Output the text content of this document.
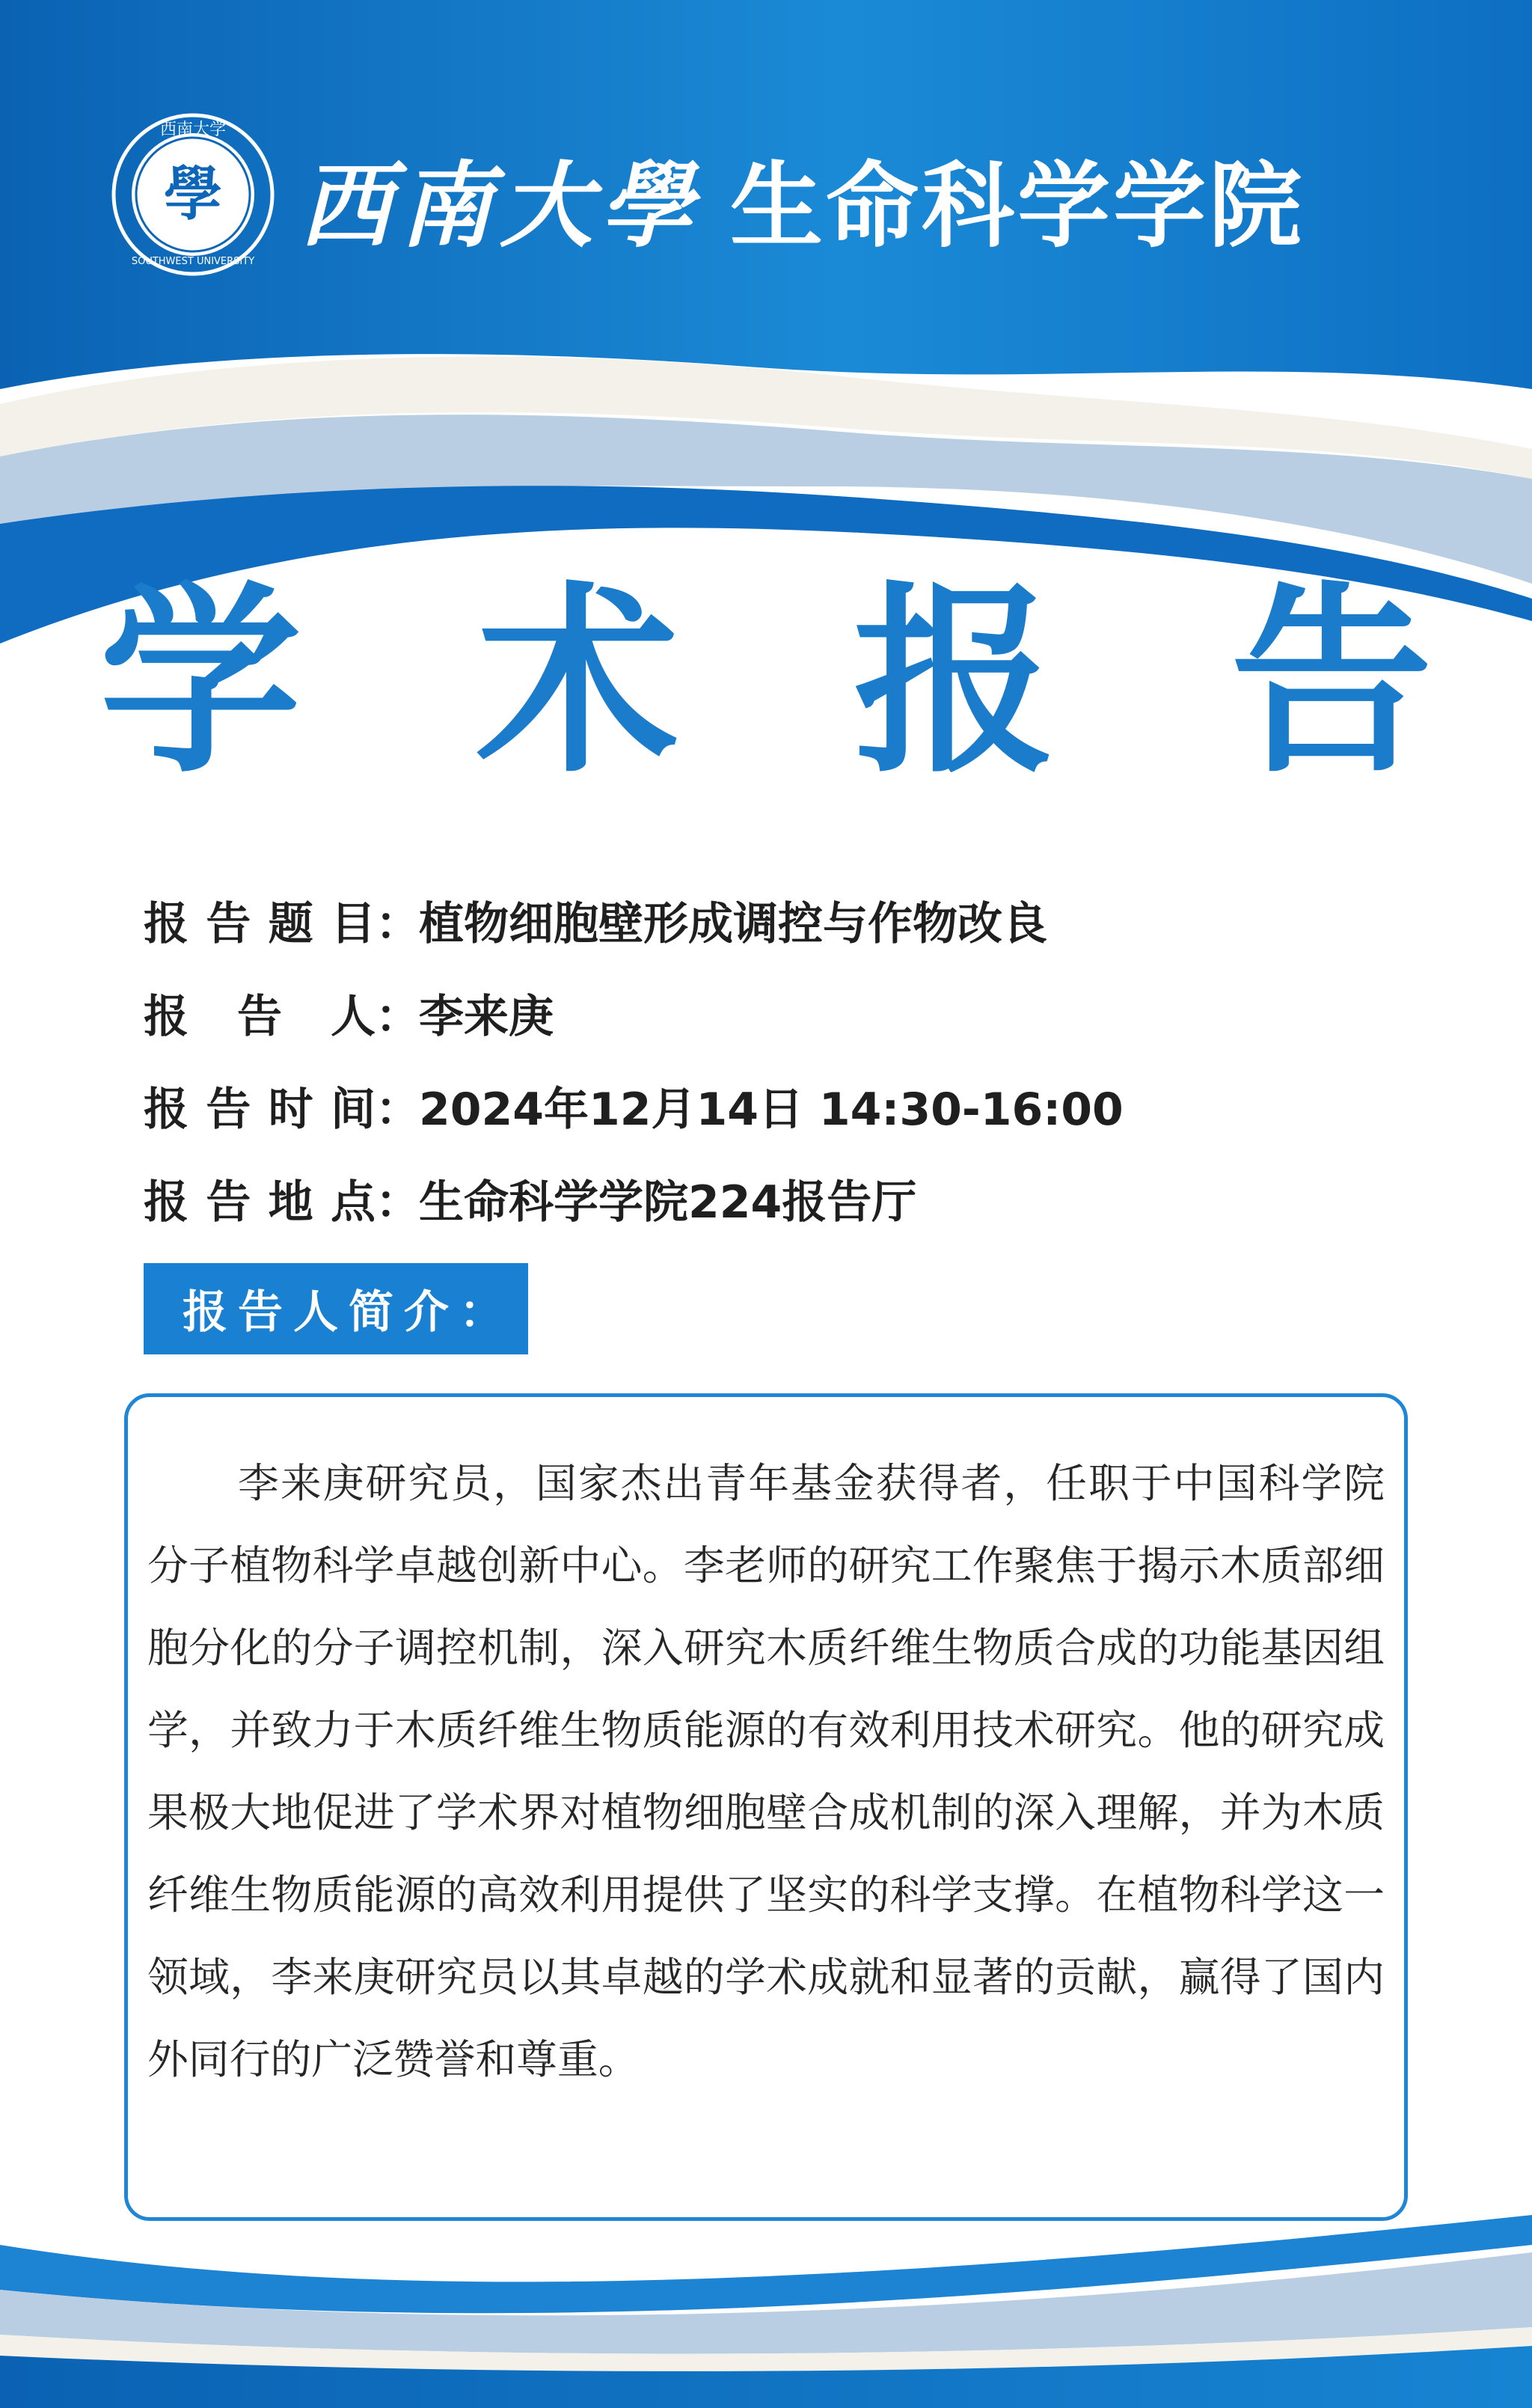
西南大学
學
SOUTHWEST UNIVERSITY
西南大學 生命科学学院
学 术 报 告
报 告 题 目 ：
植物细胞壁形成调控与作物改良
报 告 人 ：
李来庚
报 告 时 间 ：
2024年12月14日 14:30-16:00
报 告 地 点 ：
生命科学学院224报告厅
报告人简介：

李来庚研究员，国家杰出青年基金获得者，任职于中国科学院分子植物科学卓越创新中心。李老师的研究工作聚焦于揭示木质部细胞分化的分子调控机制，深入研究木质纤维生物质合成的功能基因组学，并致力于木质纤维生物质能源的有效利用技术研究。他的研究成果极大地促进了学术界对植物细胞壁合成机制的深入理解，并为木质纤维生物质能源的高效利用提供了坚实的科学支撑。在植物科学这一领域，李来庚研究员以其卓越的学术成就和显著的贡献，赢得了国内外同行的广泛赞誉和尊重。
